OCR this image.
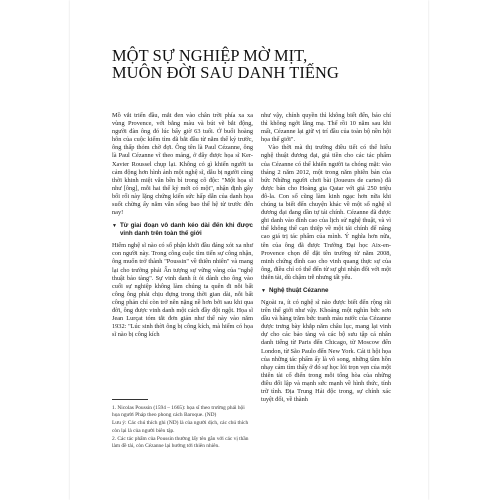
MỘT SỰ NGHIỆP MỜ MỊT,
MUÔN ĐỜI SAU DANH TIẾNG

Mồ vắt triển đầu, mắt đen vào chân trời phía xa xa vùng Provence, với bằng màu và bút vẽ bắt động, người đàn ông đó lúc bấy giờ 63 tuổi. Ở buổi hoàng hôn của cuộc kiếm tìm đã bắt đầu từ năm thế kỷ trước, ông thấp thỏm chờ đợi. Ông tên là Paul Cézanne, ông là Paul Cézanne vĩ theo mảng, ở đây được họa sĩ Ker-Xavier Roussel chụp lại. Không có gì khiến người ta cảm động hơn hình ảnh một nghệ sĩ, dẫu bị người cùng thời khinh miệt vẫn bền bỉ trong cô độc: "Một họa sĩ như [ông], mỗi hai thế kỷ mới có một", nhận định gây bối rối này lặng chứng kiến sức hấp dẫn của danh họa suốt chừng ấy năm vẫn sống bao thế hệ từ trước đến nay!

▼ Từ giai đoạn vô danh kéo dài đến khi được vinh danh trên toàn thế giới

Hiếm nghệ sĩ nào có số phận khởi đầu đáng xót xa như con người này. Trong công cuộc tìm tiến sự công nhận, ông muốn trở thành "Poussin" về thiên nhiên" và mang lại cho trường phái Ấn tượng sự vững vàng của "nghệ thuật bảo tàng". Sự vinh danh ít ỏi dành cho ông vào cuối sự nghiệp không làm chúng ta quên đi nỗi bất công ông phải chịu đựng trong thời gian dài, nỗi bất công phản chỉ còn trở nên nặng nề hơn bởi sau khi qua đời, ông được vinh danh một cách đầy đột ngột. Họa sĩ Jean Lurçat tóm tắt đơn giản như thế này vào năm 1932: "Lúc sinh thời ông bị công kích, mà hiếm có họa sĩ nào bị công kích

1. Nicolas Poussin (1594 – 1665): họa sĩ theo trường phái hội họa người Pháp theo phong cách Baroque. (ND)

Lưu ý: Các chú thích ghi (ND) là của người dịch, các chú thích còn lại là của người biên tập.

2. Các tác phẩm của Poussin thường lấy tên gắn với các vị thần làm đề tài, còn Cézanne lại hướng tới thiên nhiên.

như vậy, chính quyền thì không biết đến, báo chí thì không ngớt lăng mạ. Thế rồi 10 năm sau khi mất, Cézanne lại giữ vị trí đầu của toàn bộ nền hội họa thế giới".

Vào thời mà thị trường điều tiết có thể hiểu nghệ thuật đương đại, giá tiền cho các tác phẩm của Cézanne có thể khiến người ta chóng mặt: vào tháng 2 năm 2012, một trong năm phiên bản của bức Những người chơi bài (Joueurs de cartes) đã được bán cho Hoàng gia Qatar với giá 250 triệu đô-la. Con số cũng làm kinh ngạc hơn nữa khi chúng ta biết đến chuyện khác về một số nghệ sĩ đương đại đang dần tự tái chính. Cézanne đã được ghi danh vào đỉnh cao của lịch sử nghệ thuật, và vì thế không thể cạn thiệp về một tái chính để nâng cao giá trị tác phẩm của mình. Ý nghĩa hơn nữa, tên của ông đã được Trường Đại học Aix-en-Provence chọn để đặt tên trường từ năm 2008, minh chứng đình cao cho vinh quang thực sự của ông, điều chỉ có thể đến từ sự ghi nhận đối với một thiên tài, dù chậm trễ nhưng tất yếu.

▼ Nghệ thuật Cézanne

Ngoài ra, ít có nghệ sĩ nào được biết đến rộng rãi trên thế giới như vậy. Khoảng một nghìn bức sơn dầu và hàng trăm bức tranh màu nước của Cézanne được trưng bày khắp năm châu lục, mang lại vinh dự cho các bảo tàng và các bộ sưu tập cá nhân danh tiếng từ Paris đến Chicago, từ Moscow đến London, từ São Paulo đến New York. Cái ti hội họa của những tác phẩm ấy là vô song, những tầm hồn nhạy cảm tìm thấy ở đó sự học lỏi trọn vẹn của một thiên tài cổ điển trong mỗi tổng hòa của những điều đối lập và mạnh sức mạnh về hình thức, tính trữ tình. Địa Trung Hải độc trong, sự chính xác tuyệt đối, về thành
